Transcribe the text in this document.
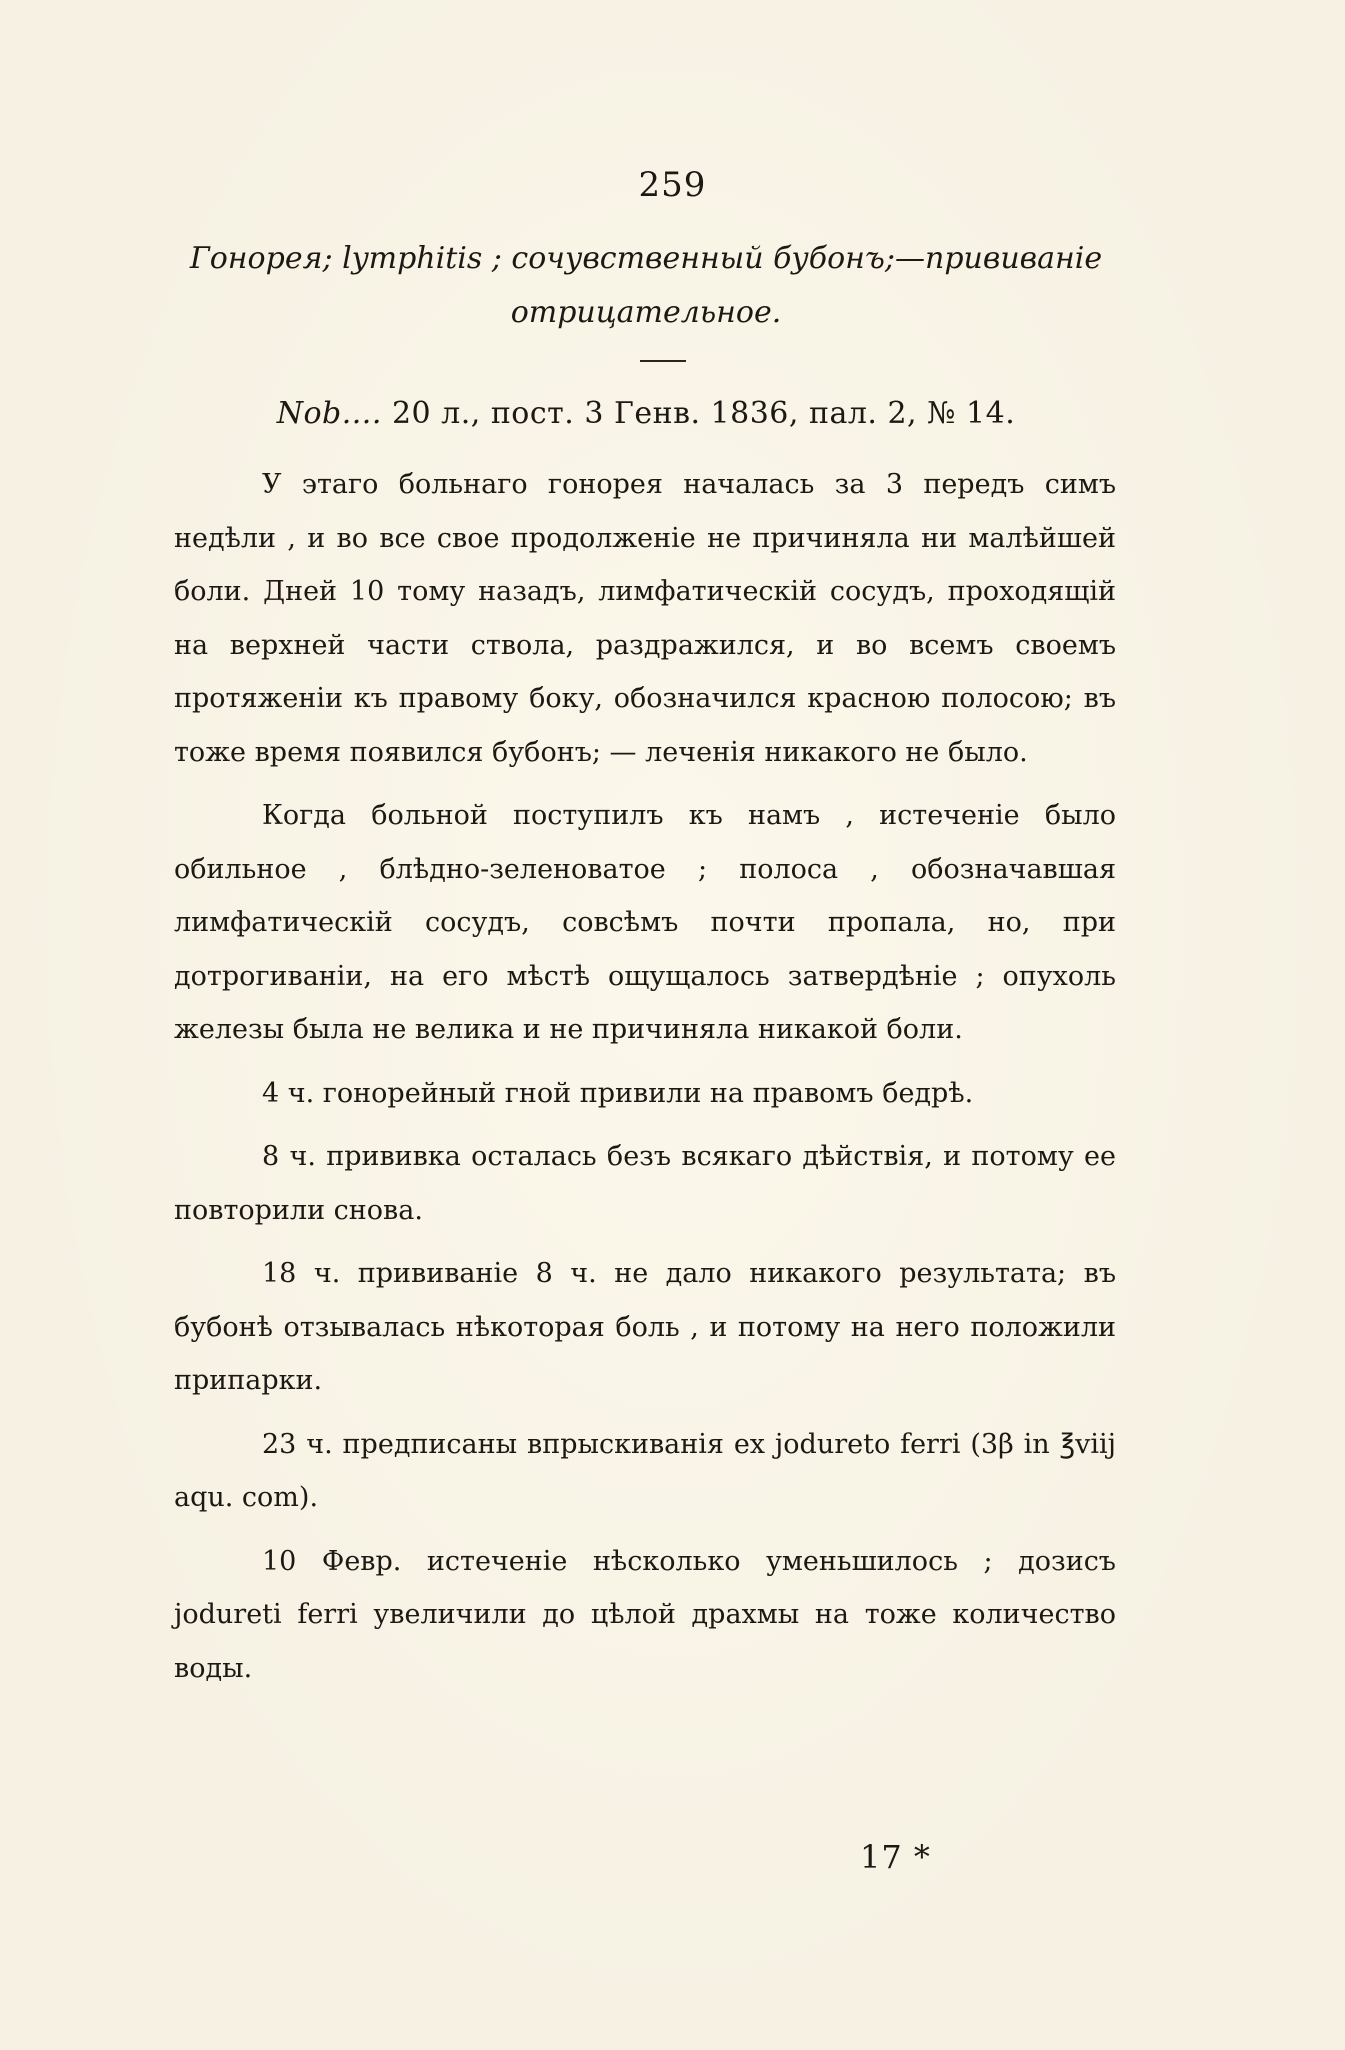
259
Гонорея; lymphitis ; сочувственный бубонъ;—прививаніе отрицательное.
Nob.... 20 л., пост. 3 Генв. 1836, пал. 2, № 14.

У этаго больнаго гонорея началась за 3 передъ симъ недѣли , и во все свое продолженіе не причиняла ни малѣйшей боли. Дней 10 тому назадъ, лимфатическій сосудъ, проходящій на верхней части ствола, раздражился, и во всемъ своемъ протяженіи къ правому боку, обозначился красною полосою; въ тоже время появился бубонъ; — леченія никакого не было.

Когда больной поступилъ къ намъ , истеченіе было обильное , блѣдно-зеленоватое ; полоса , обозначавшая лимфатическій сосудъ, совсѣмъ почти пропала, но, при дотрогиваніи, на его мѣстѣ ощущалось затвердѣніе ; опухоль железы была не велика и не причиняла никакой боли.

4 ч. гонорейный гной привили на правомъ бедрѣ.

8 ч. прививка осталась безъ всякаго дѣйствія, и потому ее повторили снова.

18 ч. прививаніе 8 ч. не дало никакого результата; въ бубонѣ отзывалась нѣкоторая боль , и потому на него положили припарки.

23 ч. предписаны впрыскиванія ex jodureto ferri (3β in ℥viij aqu. com).

10 Февр. истеченіе нѣсколько уменьшилось ; дозисъ joduretі ferri увеличили до цѣлой драхмы на тоже количество воды.

17 *
